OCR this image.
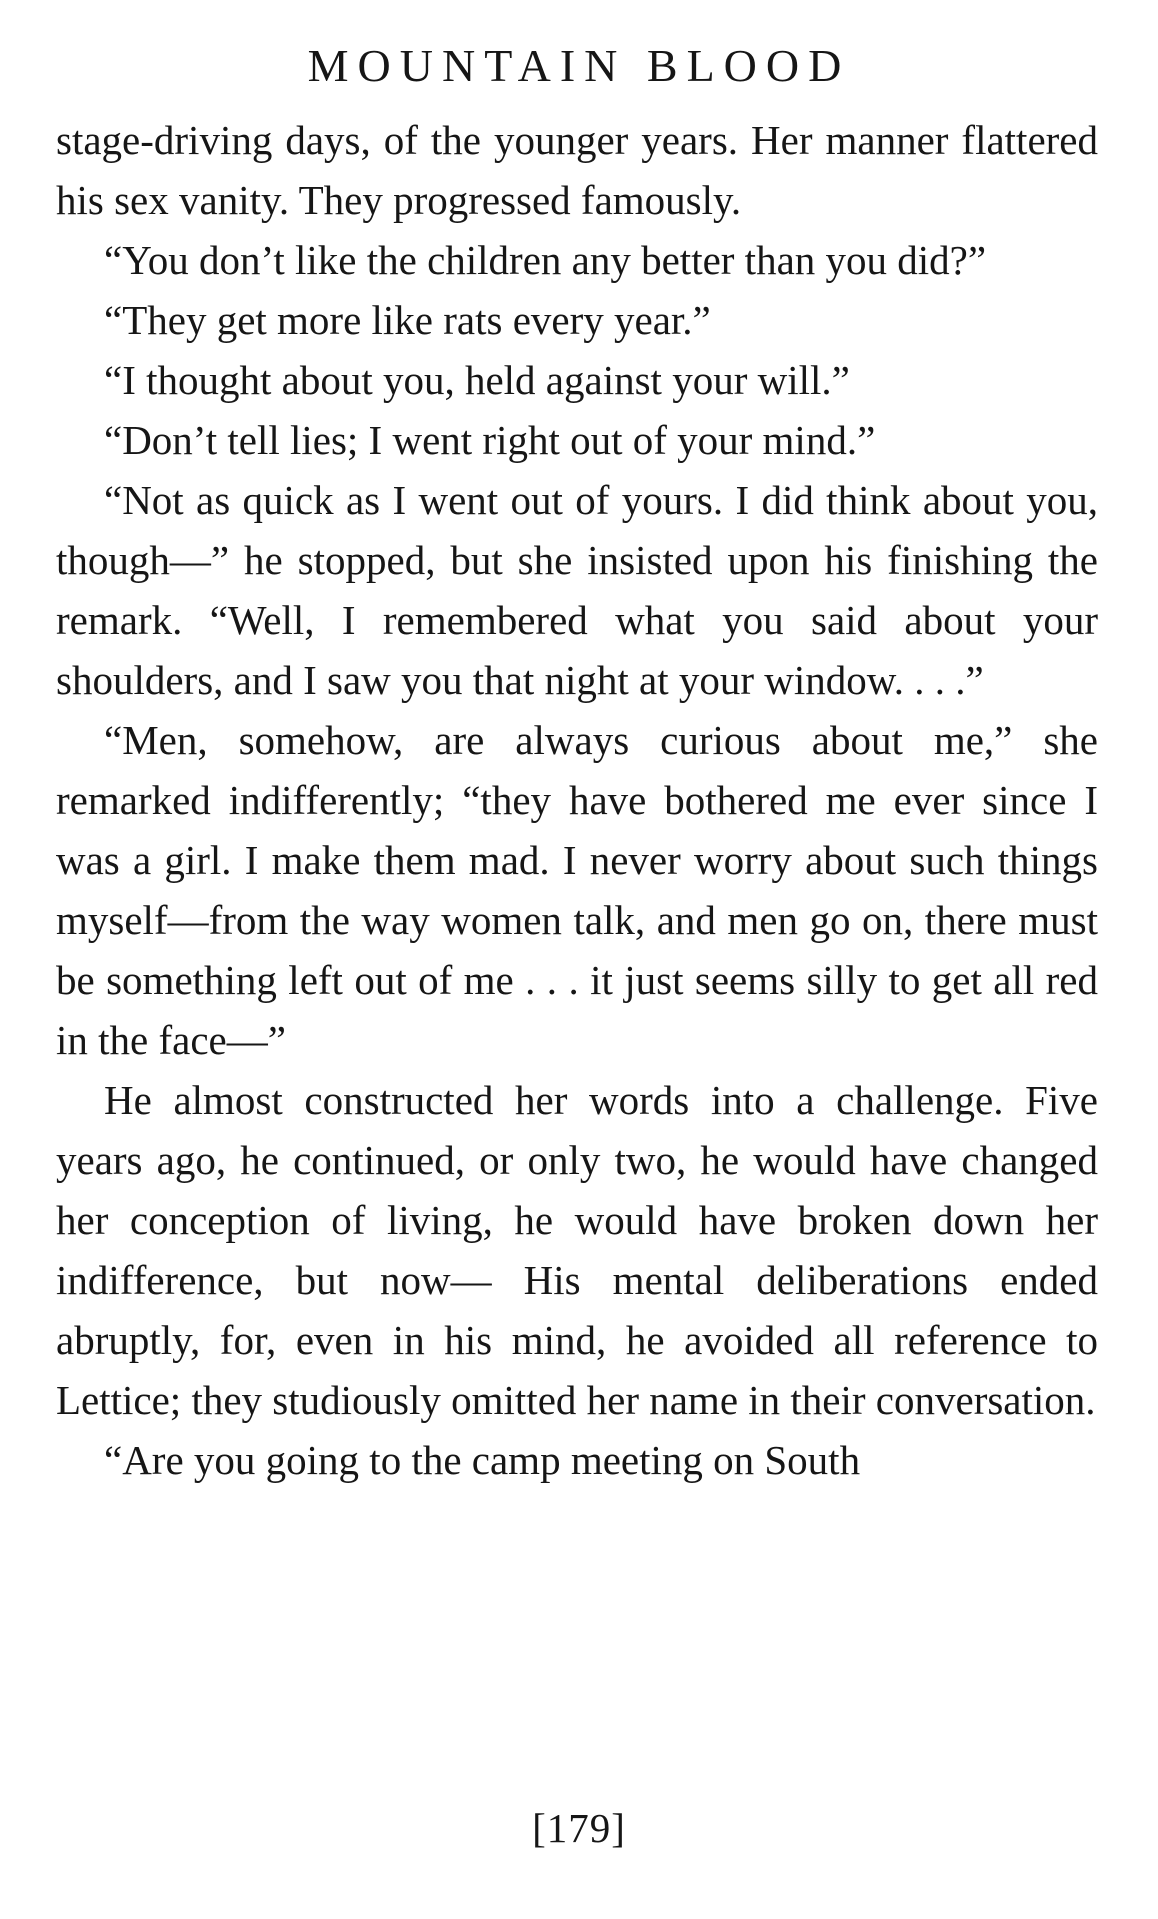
MOUNTAIN BLOOD

stage-driving days, of the younger years. Her manner flattered his sex vanity. They progressed famously.

“You don’t like the children any better than you did?”

“They get more like rats every year.”

“I thought about you, held against your will.”

“Don’t tell lies; I went right out of your mind.”

“Not as quick as I went out of yours. I did think about you, though—” he stopped, but she insisted upon his finishing the remark. “Well, I remembered what you said about your shoulders, and I saw you that night at your window. . . .”

“Men, somehow, are always curious about me,” she remarked indifferently; “they have bothered me ever since I was a girl. I make them mad. I never worry about such things myself—from the way women talk, and men go on, there must be something left out of me . . . it just seems silly to get all red in the face—”

He almost constructed her words into a challenge. Five years ago, he continued, or only two, he would have changed her conception of living, he would have broken down her indifference, but now— His mental deliberations ended abruptly, for, even in his mind, he avoided all reference to Lettice; they studiously omitted her name in their conversation.

“Are you going to the camp meeting on South

[179]
